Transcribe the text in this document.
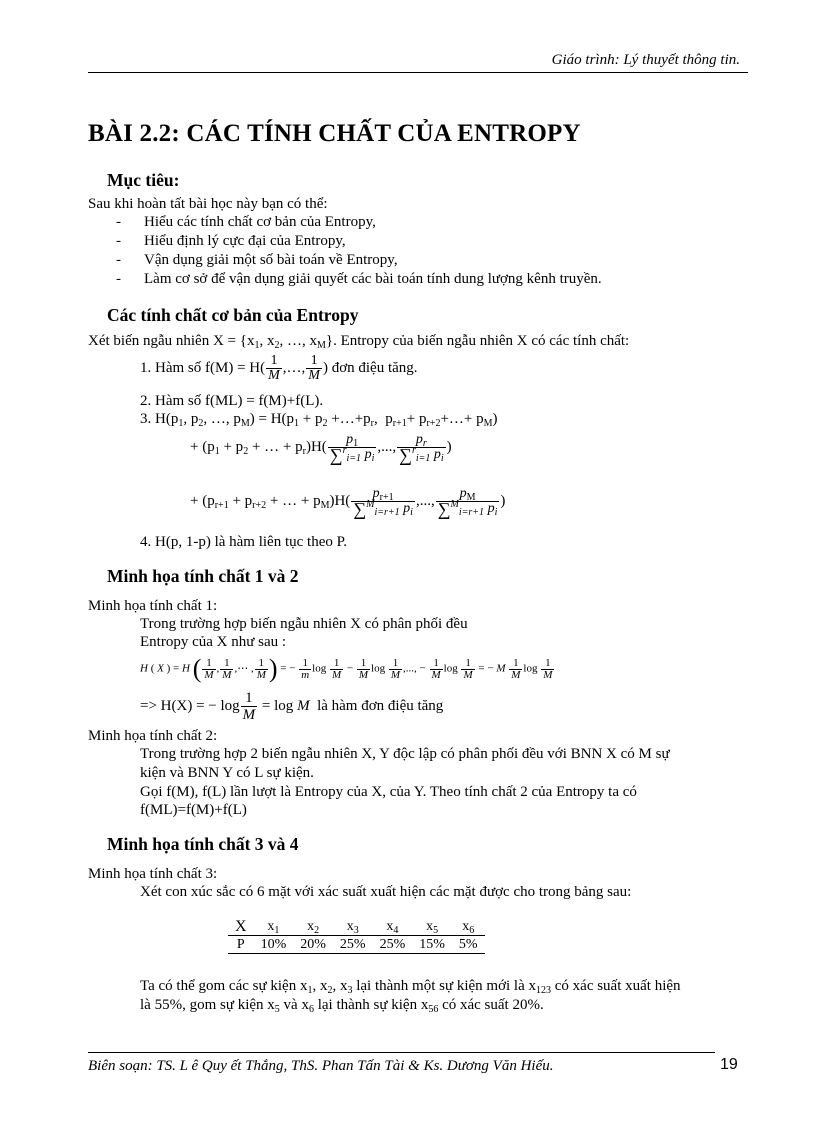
Giáo trình: Lý thuyết thông tin.
BÀI 2.2: CÁC TÍNH CHẤT CỦA ENTROPY
Mục tiêu:
Sau khi hoàn tất bài học này bạn có thể:
- Hiểu các tính chất cơ bản của Entropy,
- Hiểu định lý cực đại của Entropy,
- Vận dụng giải một số bài toán về Entropy,
- Làm cơ sở để vận dụng giải quyết các bài toán tính dung lượng kênh truyền.
Các tính chất cơ bản của Entropy
Xét biến ngẫu nhiên $X = \{x_1$, $x_2$, …, $x_M$}. Entropy của biến ngẫu nhiên X có các tính chất:
1. Hàm số $f(M) = H( \frac{1}{M}$ ,…, $\frac{1}{M}$ ) đơn điệu tăng.
2. Hàm số f(ML) = f(M)+f(L).
3. $H(p_1$, $p_2$, …, $p_M) = H(p_1 + p_2$ $+\dots+p_r$,  $p_{r+1}+$ $p_{r+2}+\dots+ p_M$)
+ ($p_1 + p_2$ + … + $p_r)H( \frac{p_1}{\sum^r_{i=1} p_i}$ ,..., $\frac{p_r}{\sum^r_{i=1} p_i}$ )
+ ($p_{r+1} + p_{r+2}$ + … + $p_M)H( \frac{p_{r+1}}{\sum^M_{i=r+1} p_i}$ ,..., $\frac{p_M}{\sum^M_{i=r+1} p_i}$ )
4. H(p, 1-p) là hàm liên tục theo P.
Minh họa tính chất 1 và 2
Minh họa tính chất 1:
Trong trường hợp biến ngẫu nhiên X có phân phối đều
Entropy của X như sau :
H ( X ) = H ( $\frac{1}{M}$ , $\frac{1}{M}$ ,⋯ , $\frac{1}{M}$ ) = − $\frac{1}{m}$ $\log \frac{1}{M} - \frac{1}{M}$ $\log \frac{1}{M}$ ,..., − $\frac{1}{M}$ $\log \frac{1}{M}$ = − M $\frac{1}{M}$ $\log \frac{1}{M}$
=> H(X) = − $\log \frac{1}{M} = \log M$ là hàm đơn điệu tăng
Minh họa tính chất 2:
Trong trường hợp 2 biến ngẫu nhiên X, Y độc lập có phân phối đều với BNN X có M sự
kiện và BNN Y có L sự kiện.
Gọi f(M), f(L) lần lượt là Entropy của X, của Y. Theo tính chất 2 của Entropy ta có
f(ML)=f(M)+f(L)
Minh họa tính chất 3 và 4
Minh họa tính chất 3:
Xét con xúc sắc có 6 mặt với xác suất xuất hiện các mặt được cho trong bảng sau:
X	$x_1$	$x_2$	$x_3$	$x_4$	$x_5$	$x_6$
P	10%	20%	25%	25%	15%	5%
Ta có thể gom các sự kiện $x_1$, $x_2$, $x_3$ lại thành một sự kiện mới là $x_{123}$ có xác suất xuất hiện
là 55%, gom sự kiện $x_5$ và $x_6$ lại thành sự kiện $x_{56}$ có xác suất 20%.
Biên soạn: TS. L ê Quy ết Thắng, ThS. Phan Tấn Tài & Ks. Dương Văn Hiếu.	19
